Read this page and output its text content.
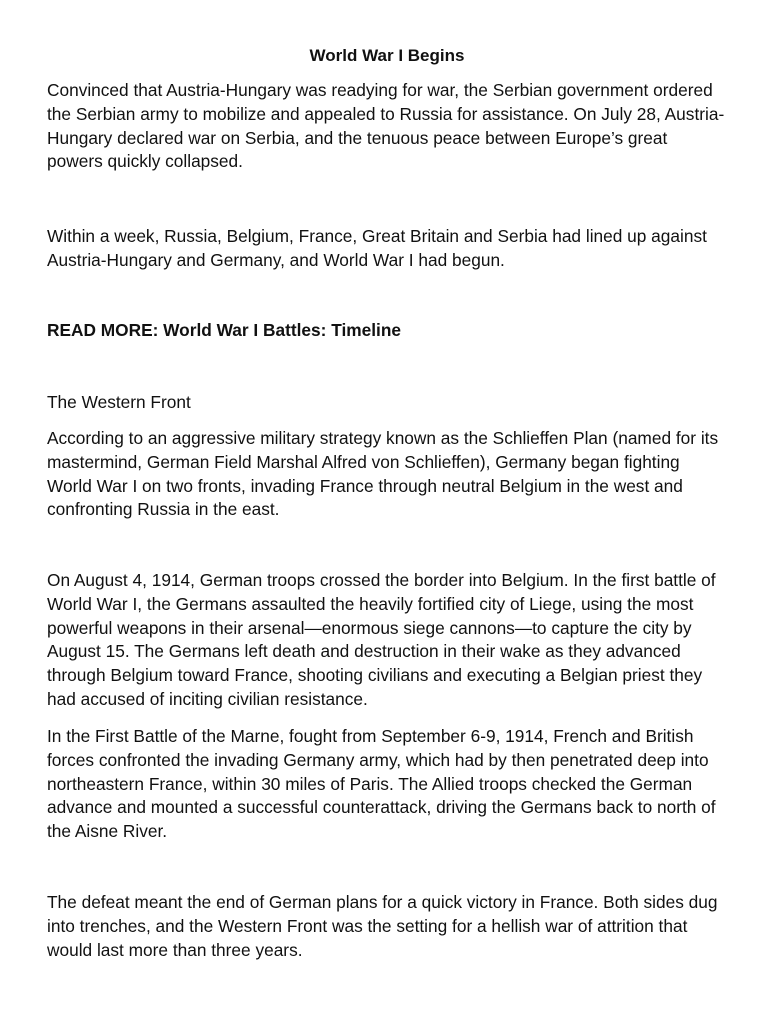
World War I Begins

Convinced that Austria-Hungary was readying for war, the Serbian government ordered the Serbian army to mobilize and appealed to Russia for assistance. On July 28, Austria-Hungary declared war on Serbia, and the tenuous peace between Europe’s great powers quickly collapsed.

Within a week, Russia, Belgium, France, Great Britain and Serbia had lined up against Austria-Hungary and Germany, and World War I had begun.

READ MORE: World War I Battles: Timeline

The Western Front

According to an aggressive military strategy known as the Schlieffen Plan (named for its mastermind, German Field Marshal Alfred von Schlieffen), Germany began fighting World War I on two fronts, invading France through neutral Belgium in the west and confronting Russia in the east.

On August 4, 1914, German troops crossed the border into Belgium. In the first battle of World War I, the Germans assaulted the heavily fortified city of Liege, using the most powerful weapons in their arsenal—enormous siege cannons—to capture the city by August 15. The Germans left death and destruction in their wake as they advanced through Belgium toward France, shooting civilians and executing a Belgian priest they had accused of inciting civilian resistance.

In the First Battle of the Marne, fought from September 6-9, 1914, French and British forces confronted the invading Germany army, which had by then penetrated deep into northeastern France, within 30 miles of Paris. The Allied troops checked the German advance and mounted a successful counterattack, driving the Germans back to north of the Aisne River.

The defeat meant the end of German plans for a quick victory in France. Both sides dug into trenches, and the Western Front was the setting for a hellish war of attrition that would last more than three years.
